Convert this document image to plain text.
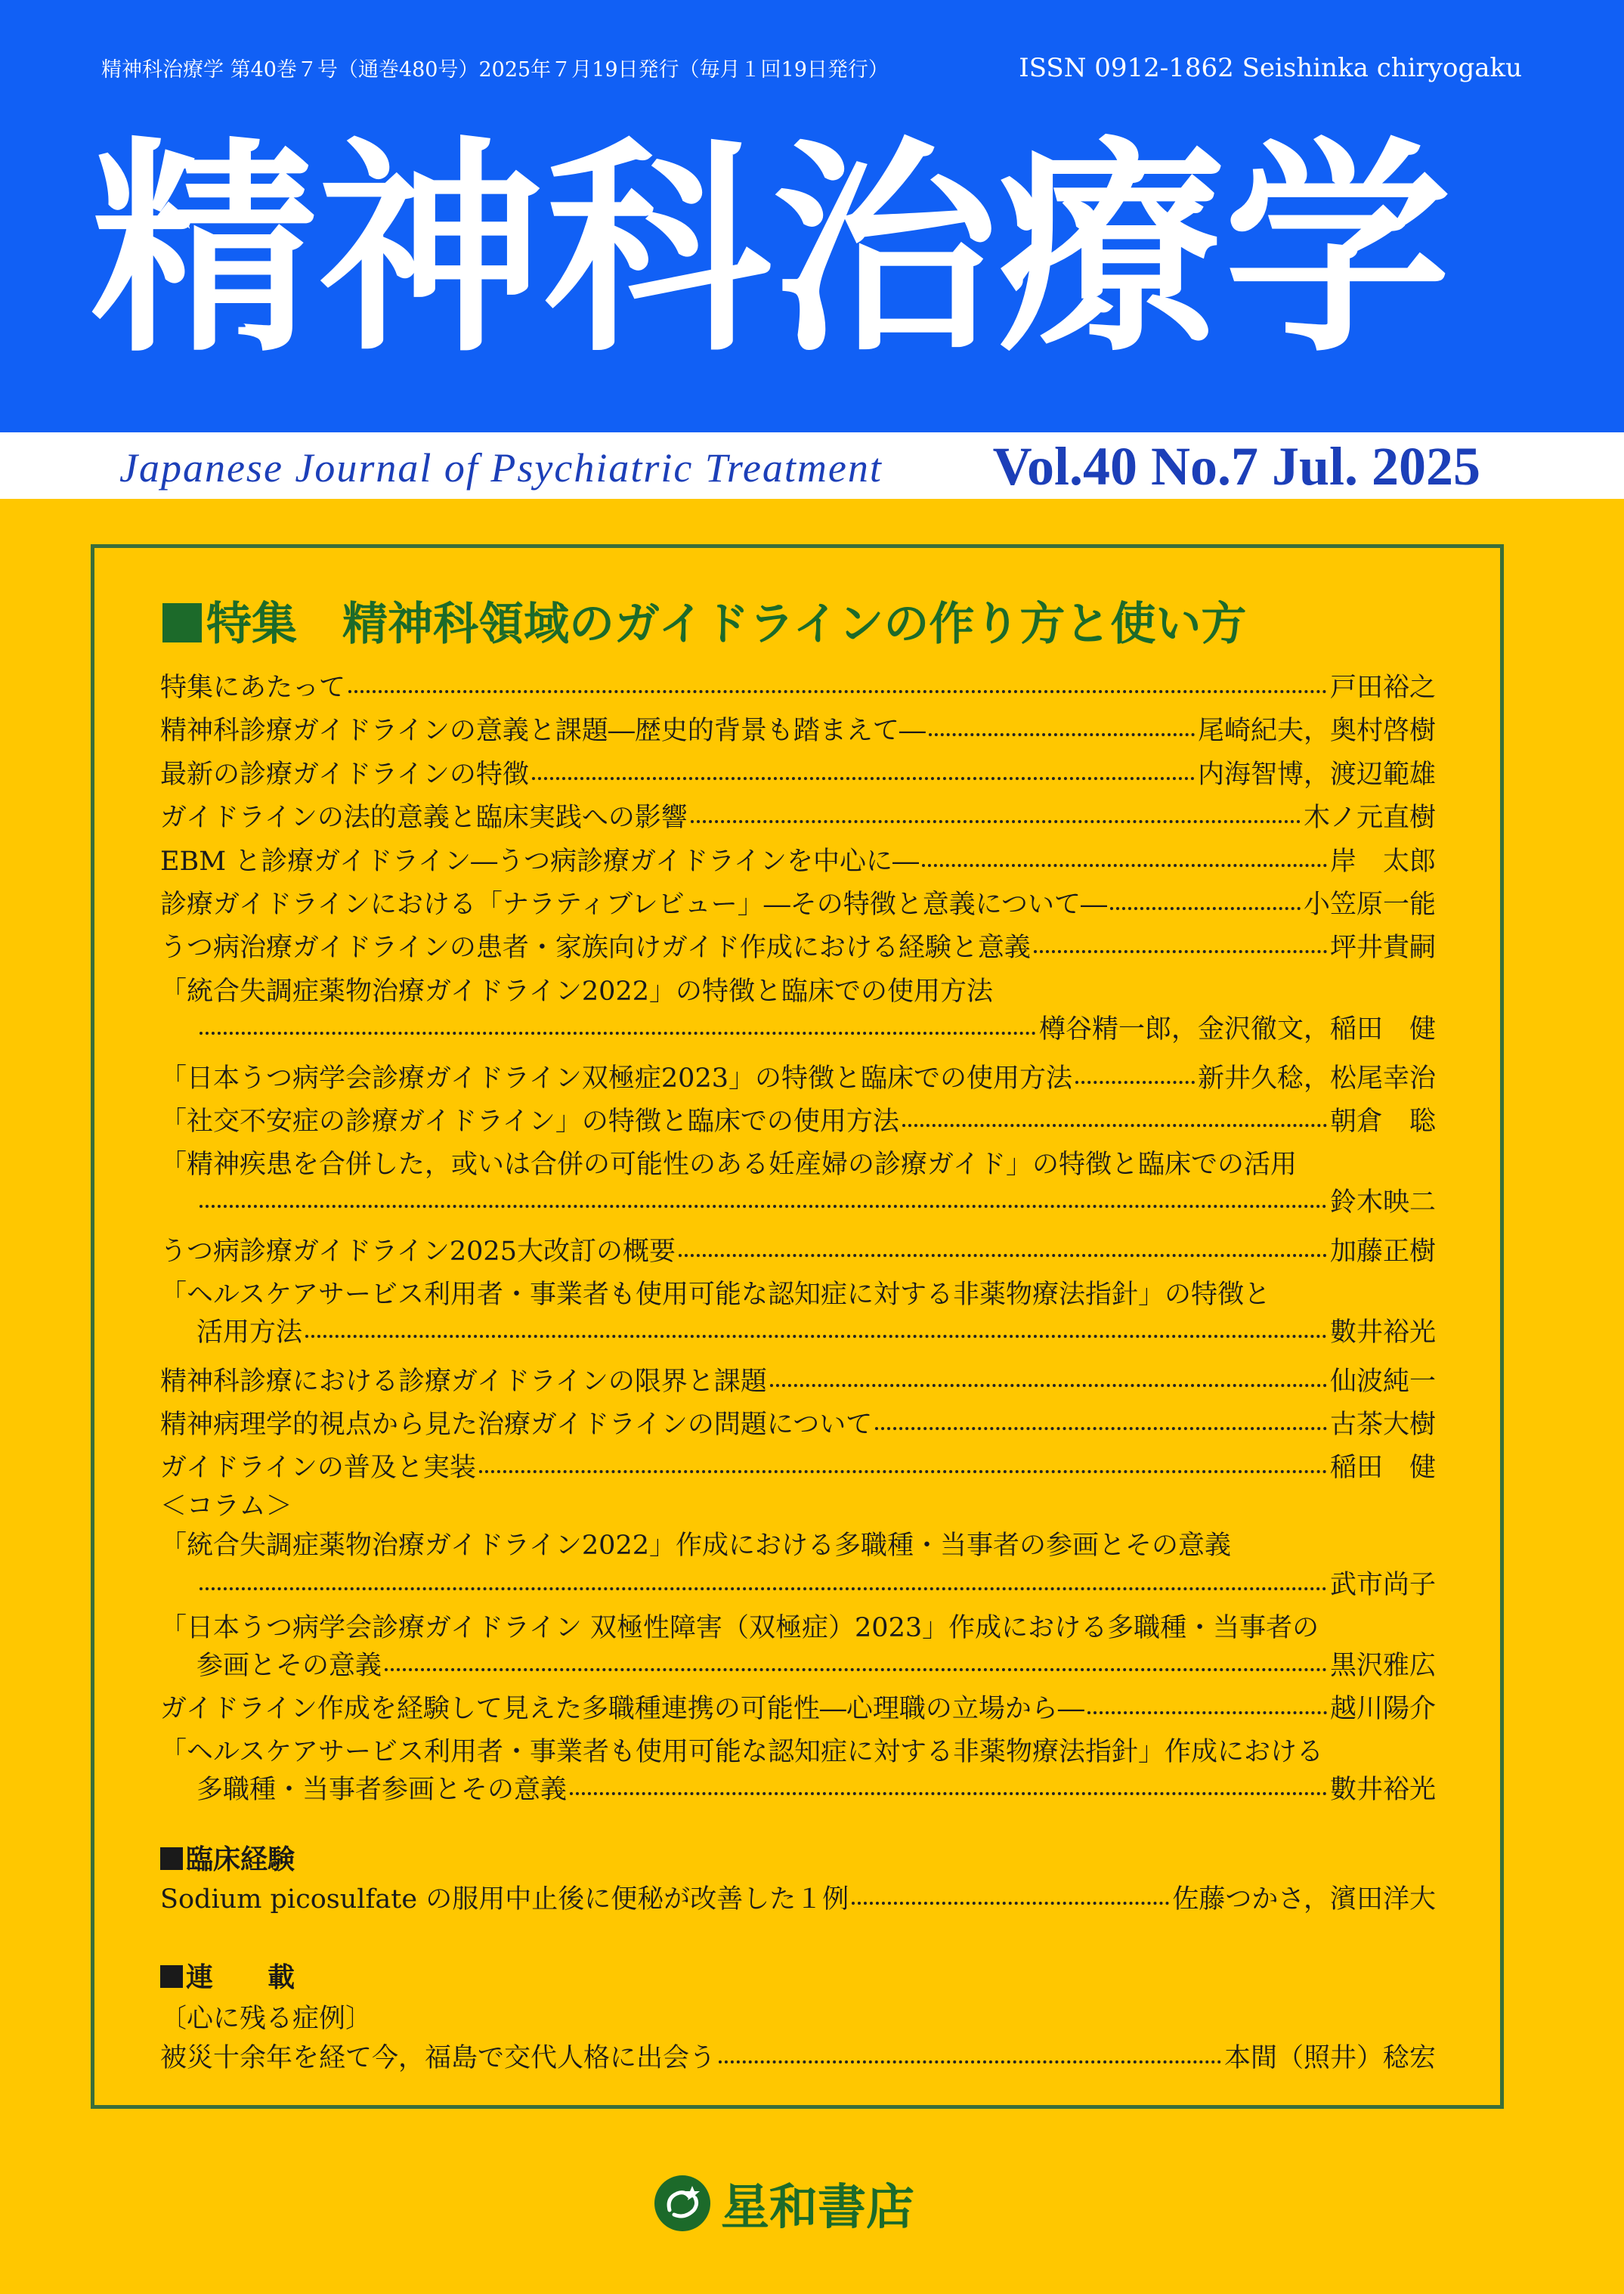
精神科治療学 第40巻７号（通巻480号）2025年７月19日発行（毎月１回19日発行）	ISSN 0912-1862 Seishinka chiryogaku
精神科治療学
Japanese Journal of Psychiatric Treatment Vol.40 No.7 Jul. 2025
特集　精神科領域のガイドラインの作り方と使い方
特集にあたって	戸田裕之
精神科診療ガイドラインの意義と課題―歴史的背景も踏まえて―	尾崎紀夫，奥村啓樹
最新の診療ガイドラインの特徴	内海智博，渡辺範雄
ガイドラインの法的意義と臨床実践への影響	木ノ元直樹
EBM と診療ガイドライン―うつ病診療ガイドラインを中心に―	岸　太郎
診療ガイドラインにおける「ナラティブレビュー」―その特徴と意義について―	小笠原一能
うつ病治療ガイドラインの患者・家族向けガイド作成における経験と意義	坪井貴嗣
「統合失調症薬物治療ガイドライン2022」の特徴と臨床での使用方法
樽谷精一郎，金沢徹文，稲田　健
「日本うつ病学会診療ガイドライン双極症2023」の特徴と臨床での使用方法	新井久稔，松尾幸治
「社交不安症の診療ガイドライン」の特徴と臨床での使用方法	朝倉　聡
「精神疾患を合併した，或いは合併の可能性のある妊産婦の診療ガイド」の特徴と臨床での活用
鈴木映二
うつ病診療ガイドライン2025大改訂の概要	加藤正樹
「ヘルスケアサービス利用者・事業者も使用可能な認知症に対する非薬物療法指針」の特徴と
活用方法	數井裕光
精神科診療における診療ガイドラインの限界と課題	仙波純一
精神病理学的視点から見た治療ガイドラインの問題について	古茶大樹
ガイドラインの普及と実装	稲田　健
＜コラム＞
「統合失調症薬物治療ガイドライン2022」作成における多職種・当事者の参画とその意義
武市尚子
「日本うつ病学会診療ガイドライン 双極性障害（双極症）2023」作成における多職種・当事者の
参画とその意義	黒沢雅広
ガイドライン作成を経験して見えた多職種連携の可能性―心理職の立場から―	越川陽介
「ヘルスケアサービス利用者・事業者も使用可能な認知症に対する非薬物療法指針」作成における
多職種・当事者参画とその意義	數井裕光
臨床経験
Sodium picosulfate の服用中止後に便秘が改善した１例	佐藤つかさ，濱田洋大
連　　載
〔心に残る症例〕
被災十余年を経て今，福島で交代人格に出会う	本間（照井）稔宏
星和書店
